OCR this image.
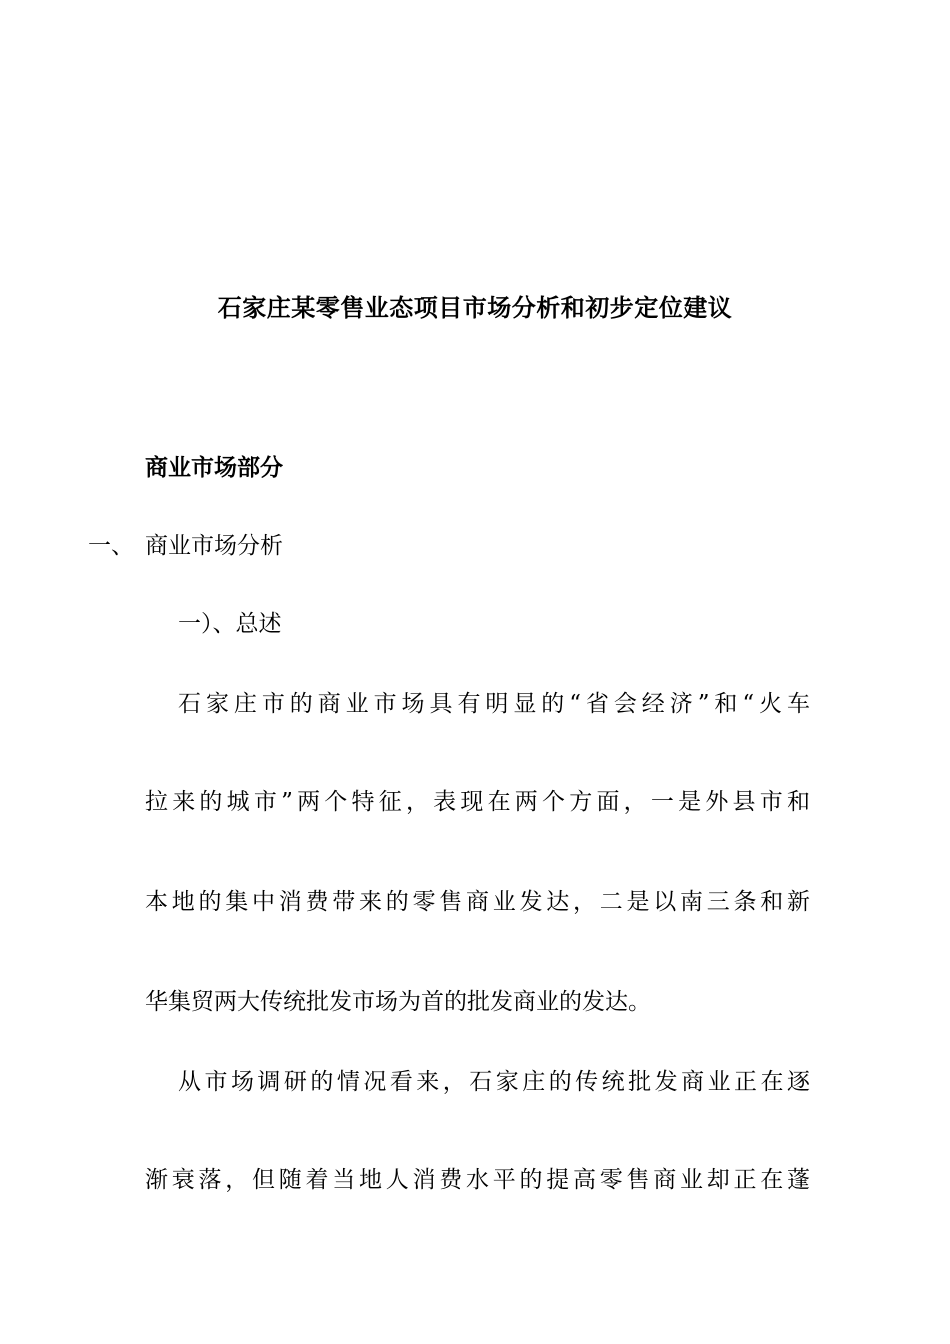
石家庄某零售业态项目市场分析和初步定位建议
商业市场部分
一、 商业市场分析
一）、总述
石家庄市的商业市场具有明显的“省会经济”和“火车
拉来的城市”两个特征，表现在两个方面，一是外县市和
本地的集中消费带来的零售商业发达，二是以南三条和新
华集贸两大传统批发市场为首的批发商业的发达。
从市场调研的情况看来，石家庄的传统批发商业正在逐
渐衰落，但随着当地人消费水平的提高零售商业却正在蓬
